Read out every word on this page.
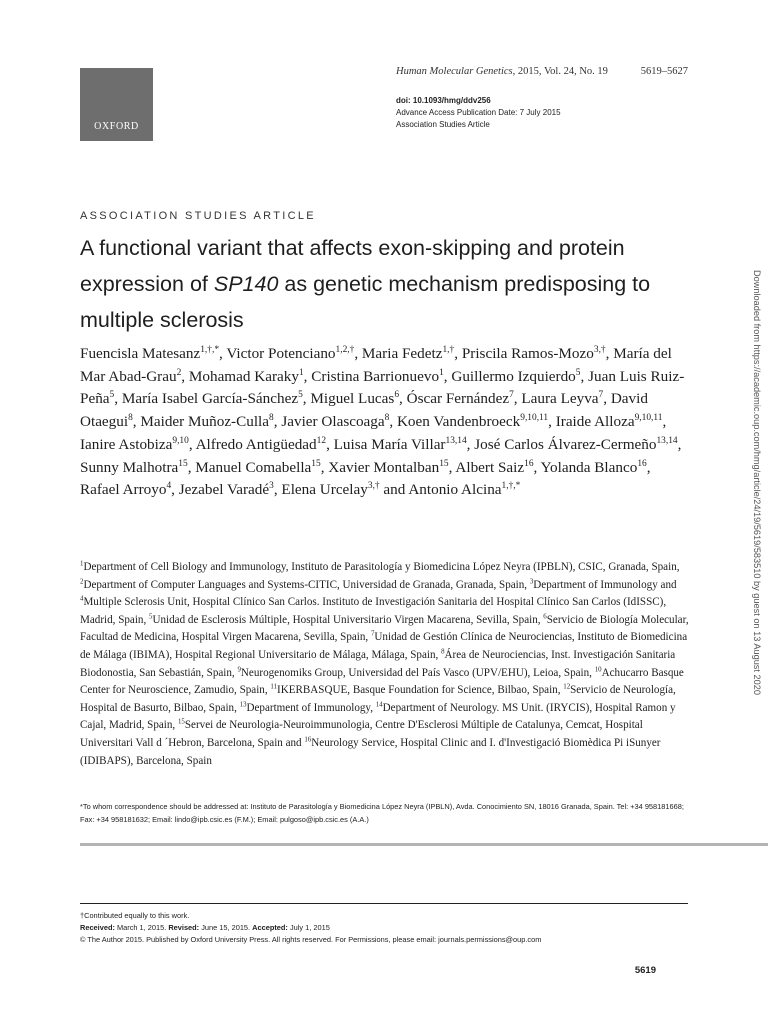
OXFORD
Human Molecular Genetics, 2015, Vol. 24, No. 19	5619–5627
doi: 10.1093/hmg/ddv256
Advance Access Publication Date: 7 July 2015
Association Studies Article
ASSOCIATION STUDIES ARTICLE
A functional variant that affects exon-skipping and protein expression of SP140 as genetic mechanism predisposing to multiple sclerosis

Fuencisla Matesanz$^{1,\dagger,*}$, Victor Potenciano$^{1,2,\dagger}$, Maria Fedetz$^{1,\dagger}$, Priscila Ramos-Mozo$^{3,\dagger}$, María del Mar Abad-Grau$^2$, Mohamad Karaky$^1$, Cristina Barrionuevo$^1$, Guillermo Izquierdo$^5$, Juan Luis Ruiz-Peña$^5$, María Isabel García-Sánchez$^5$, Miguel Lucas$^6$, Óscar Fernández$^7$, Laura Leyva$^7$, David Otaegui$^8$, Maider Muñoz-Culla$^8$, Javier Olascoaga$^8$, Koen Vandenbroeck$^{9,10,11}$, Iraide Alloza$^{9,10,11}$, Ianire Astobiza$^{9,10}$, Alfredo Antigüedad$^{12}$, Luisa María Villar$^{13,14}$, José Carlos Álvarez-Cermeño$^{13,14}$, Sunny Malhotra$^{15}$, Manuel Comabella$^{15}$, Xavier Montalban$^{15}$, Albert Saiz$^{16}$, Yolanda Blanco$^{16}$, Rafael Arroyo$^4$, Jezabel Varadé$^3$, Elena Urcelay$^{3,\dagger}$ and Antonio Alcina$^{1,\dagger,*}$

$^1$Department of Cell Biology and Immunology, Instituto de Parasitología y Biomedicina López Neyra (IPBLN), CSIC, Granada, Spain, $^2$Department of Computer Languages and Systems-CITIC, Universidad de Granada, Granada, Spain, $^3$Department of Immunology and $^4$Multiple Sclerosis Unit, Hospital Clínico San Carlos. Instituto de Investigación Sanitaria del Hospital Clínico San Carlos (IdISSC), Madrid, Spain, $^5$Unidad de Esclerosis Múltiple, Hospital Universitario Virgen Macarena, Sevilla, Spain, $^6$Servicio de Biología Molecular, Facultad de Medicina, Hospital Virgen Macarena, Sevilla, Spain, $^7$Unidad de Gestión Clínica de Neurociencias, Instituto de Biomedicina de Málaga (IBIMA), Hospital Regional Universitario de Málaga, Málaga, Spain, $^8$Área de Neurociencias, Inst. Investigación Sanitaria Biodonostia, San Sebastián, Spain, $^9$Neurogenomiks Group, Universidad del País Vasco (UPV/EHU), Leioa, Spain, $^{10}$Achucarro Basque Center for Neuroscience, Zamudio, Spain, $^{11}$IKERBASQUE, Basque Foundation for Science, Bilbao, Spain, $^{12}$Servicio de Neurología, Hospital de Basurto, Bilbao, Spain, $^{13}$Department of Immunology, $^{14}$Department of Neurology. MS Unit. (IRYCIS), Hospital Ramon y Cajal, Madrid, Spain, $^{15}$Servei de Neurologia-Neuroimmunologia, Centre D'Esclerosi Múltiple de Catalunya, Cemcat, Hospital Universitari Vall d ´Hebron, Barcelona, Spain and $^{16}$Neurology Service, Hospital Clinic and I. d'Investigació Biomèdica Pi iSunyer (IDIBAPS), Barcelona, Spain

*To whom correspondence should be addressed at: Instituto de Parasitología y Biomedicina López Neyra (IPBLN), Avda. Conocimiento SN, 18016 Granada, Spain. Tel: +34 958181668; Fax: +34 958181632; Email: lindo@ipb.csic.es (F.M.); Email: pulgoso@ipb.csic.es (A.A.)

†Contributed equally to this work.
Received: March 1, 2015. Revised: June 15, 2015. Accepted: July 1, 2015
© The Author 2015. Published by Oxford University Press. All rights reserved. For Permissions, please email: journals.permissions@oup.com
5619
Downloaded from https://academic.oup.com/hmg/article/24/19/5619/583510 by guest on 13 August 2020
